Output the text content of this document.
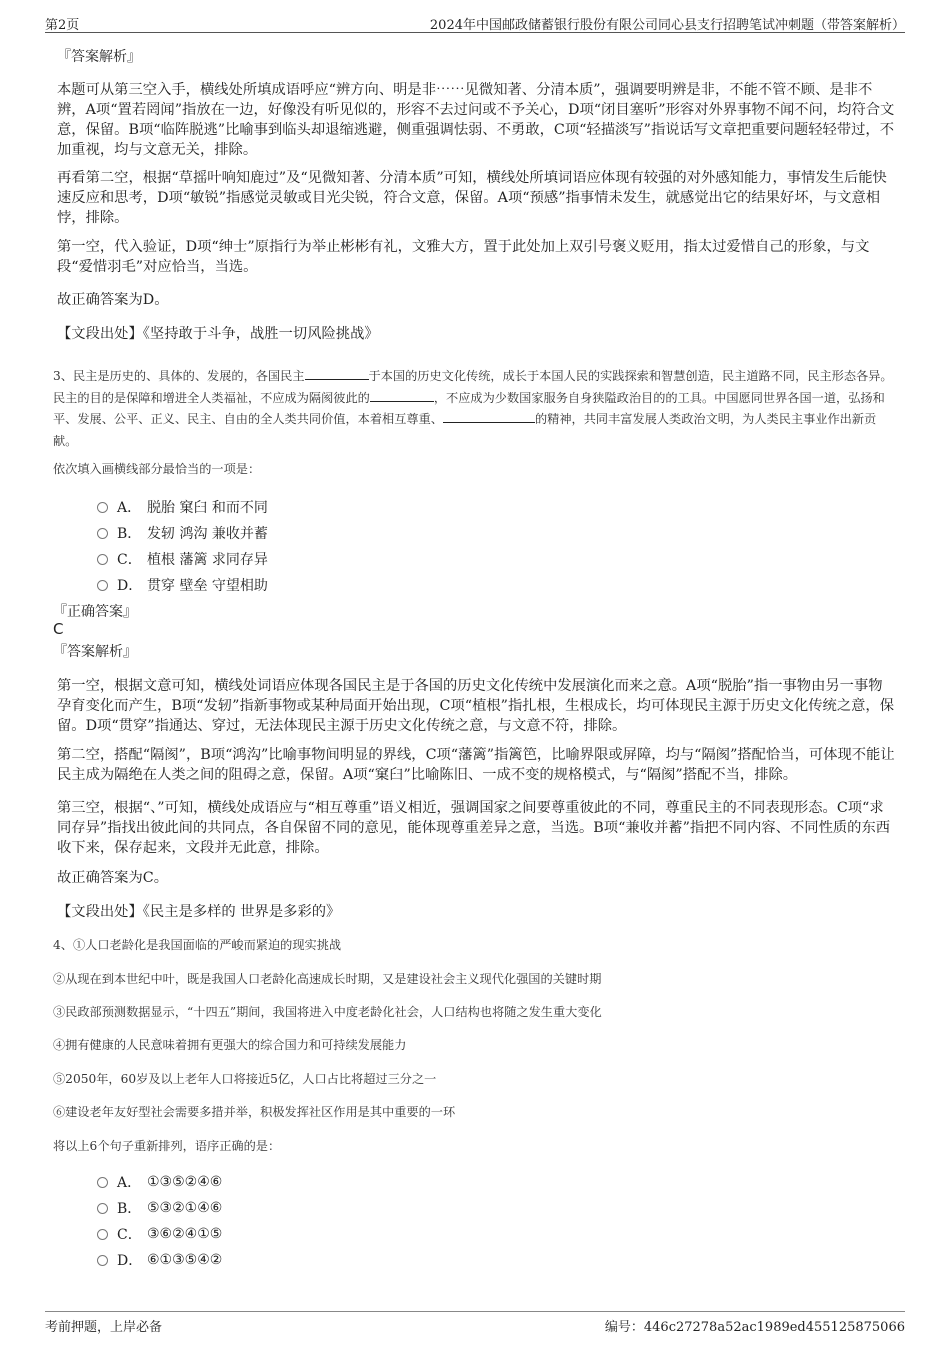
第2页	2024年中国邮政储蓄银行股份有限公司同心县支行招聘笔试冲刺题（带答案解析）
『答案解析』

本题可从第三空入手，横线处所填成语呼应“辨方向、明是非⋯⋯见微知著、分清本质”，强调要明辨是非，不能不管不顾、是非不辨，A项“置若罔闻”指放在一边，好像没有听见似的，形容不去过问或不予关心，D项“闭目塞听”形容对外界事物不闻不问，均符合文意，保留。B项“临阵脱逃”比喻事到临头却退缩逃避，侧重强调怯弱、不勇敢，C项“轻描淡写”指说话写文章把重要问题轻轻带过，不加重视，均与文意无关，排除。

再看第二空，根据“草摇叶响知鹿过”及“见微知著、分清本质”可知，横线处所填词语应体现有较强的对外感知能力，事情发生后能快速反应和思考，D项“敏锐”指感觉灵敏或目光尖锐，符合文意，保留。A项“预感”指事情未发生，就感觉出它的结果好坏，与文意相悖，排除。

第一空，代入验证，D项“绅士”原指行为举止彬彬有礼，文雅大方，置于此处加上双引号褒义贬用，指太过爱惜自己的形象，与文段“爱惜羽毛”对应恰当，当选。

故正确答案为D。

【文段出处】《坚持敢于斗争，战胜一切风险挑战》

3、民主是历史的、具体的、发展的，各国民主	于本国的历史文化传统，成长于本国人民的实践探索和智慧创造，民主道路不同，民主形态各异。民主的目的是保障和增进全人类福祉，不应成为隔阂彼此的	，不应成为少数国家服务自身狭隘政治目的的工具。中国愿同世界各国一道，弘扬和平、发展、公平、正义、民主、自由的全人类共同价值，本着相互尊重、	的精神，共同丰富发展人类政治文明，为人类民主事业作出新贡献。

依次填入画横线部分最恰当的一项是：

A． 脱胎 窠臼 和而不同
B． 发轫 鸿沟 兼收并蓄
C． 植根 藩篱 求同存异
D． 贯穿 壁垒 守望相助
『正确答案』
C
『答案解析』

第一空，根据文意可知，横线处词语应体现各国民主是于各国的历史文化传统中发展演化而来之意。A项“脱胎”指一事物由另一事物孕育变化而产生，B项“发轫”指新事物或某种局面开始出现，C项“植根”指扎根，生根成长，均可体现民主源于历史文化传统之意，保留。D项“贯穿”指通达、穿过，无法体现民主源于历史文化传统之意，与文意不符，排除。

第二空，搭配“隔阂”，B项“鸿沟”比喻事物间明显的界线，C项“藩篱”指篱笆，比喻界限或屏障，均与“隔阂”搭配恰当，可体现不能让民主成为隔绝在人类之间的阻碍之意，保留。A项“窠臼”比喻陈旧、一成不变的规格模式，与“隔阂”搭配不当，排除。

第三空，根据“、”可知，横线处成语应与“相互尊重”语义相近，强调国家之间要尊重彼此的不同，尊重民主的不同表现形态。C项“求同存异”指找出彼此间的共同点，各自保留不同的意见，能体现尊重差异之意，当选。B项“兼收并蓄”指把不同内容、不同性质的东西收下来，保存起来，文段并无此意，排除。

故正确答案为C。

【文段出处】《民主是多样的 世界是多彩的》

4、①人口老龄化是我国面临的严峻而紧迫的现实挑战

②从现在到本世纪中叶，既是我国人口老龄化高速成长时期，又是建设社会主义现代化强国的关键时期

③民政部预测数据显示，“十四五”期间，我国将进入中度老龄化社会，人口结构也将随之发生重大变化

④拥有健康的人民意味着拥有更强大的综合国力和可持续发展能力

⑤2050年，60岁及以上老年人口将接近5亿，人口占比将超过三分之一

⑥建设老年友好型社会需要多措并举，积极发挥社区作用是其中重要的一环

将以上6个句子重新排列，语序正确的是：

A． ①③⑤②④⑥
B． ⑤③②①④⑥
C． ③⑥②④①⑤
D． ⑥①③⑤④②
考前押题，上岸必备	编号：446c27278a52ac1989ed455125875066
